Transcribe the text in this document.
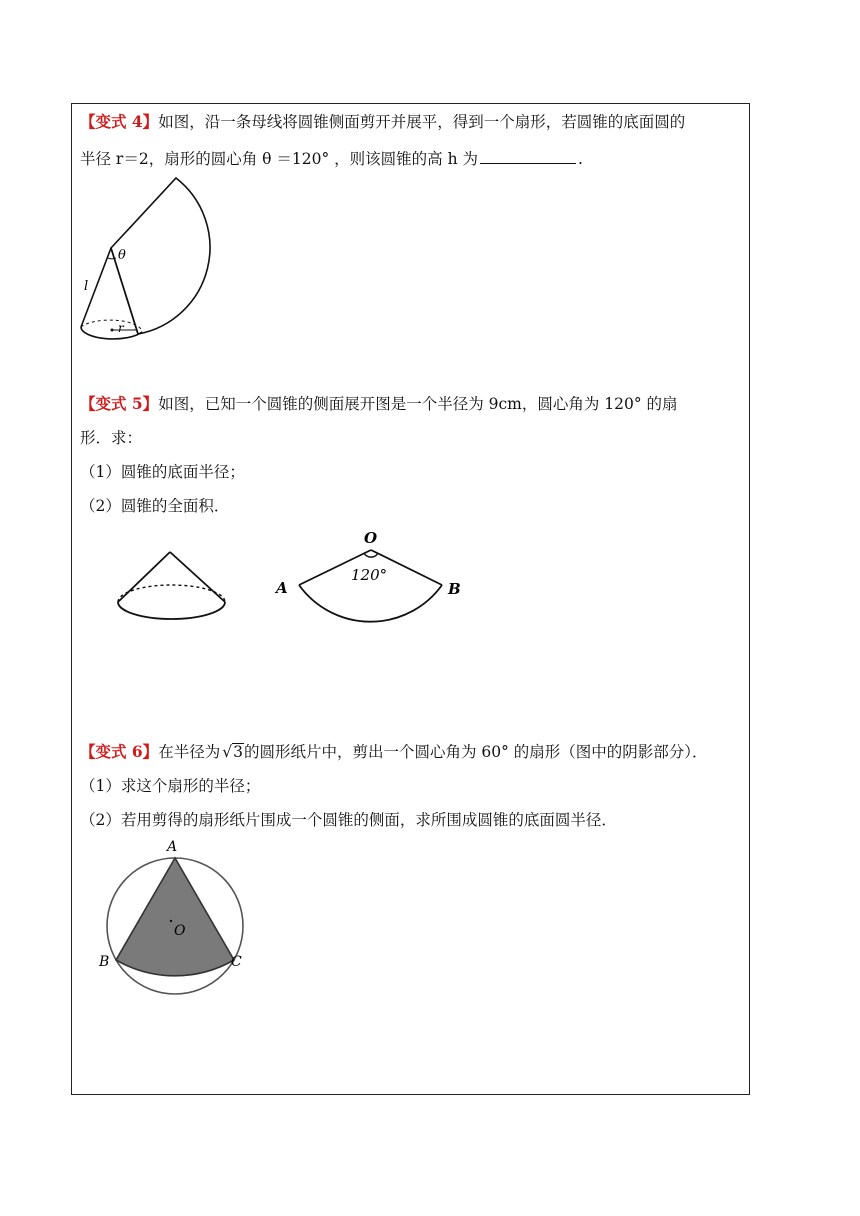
【变式 4】如图，沿一条母线将圆锥侧面剪开并展平，得到一个扇形，若圆锥的底面圆的
半径 r＝2，扇形的圆心角 θ ＝120° ，则该圆锥的高 h 为	.
θ
l
r
【变式 5】如图，已知一个圆锥的侧面展开图是一个半径为 9cm，圆心角为 120° 的扇
形．求：
（1）圆锥的底面半径；
（2）圆锥的全面积．
O
120°
A	B
【变式 6】在半径为 √3的圆形纸片中，剪出一个圆心角为 60° 的扇形（图中的阴影部分）．
（1）求这个扇形的半径；
（2）若用剪得的扇形纸片围成一个圆锥的侧面，求所围成圆锥的底面圆半径．
A
B	C
O
